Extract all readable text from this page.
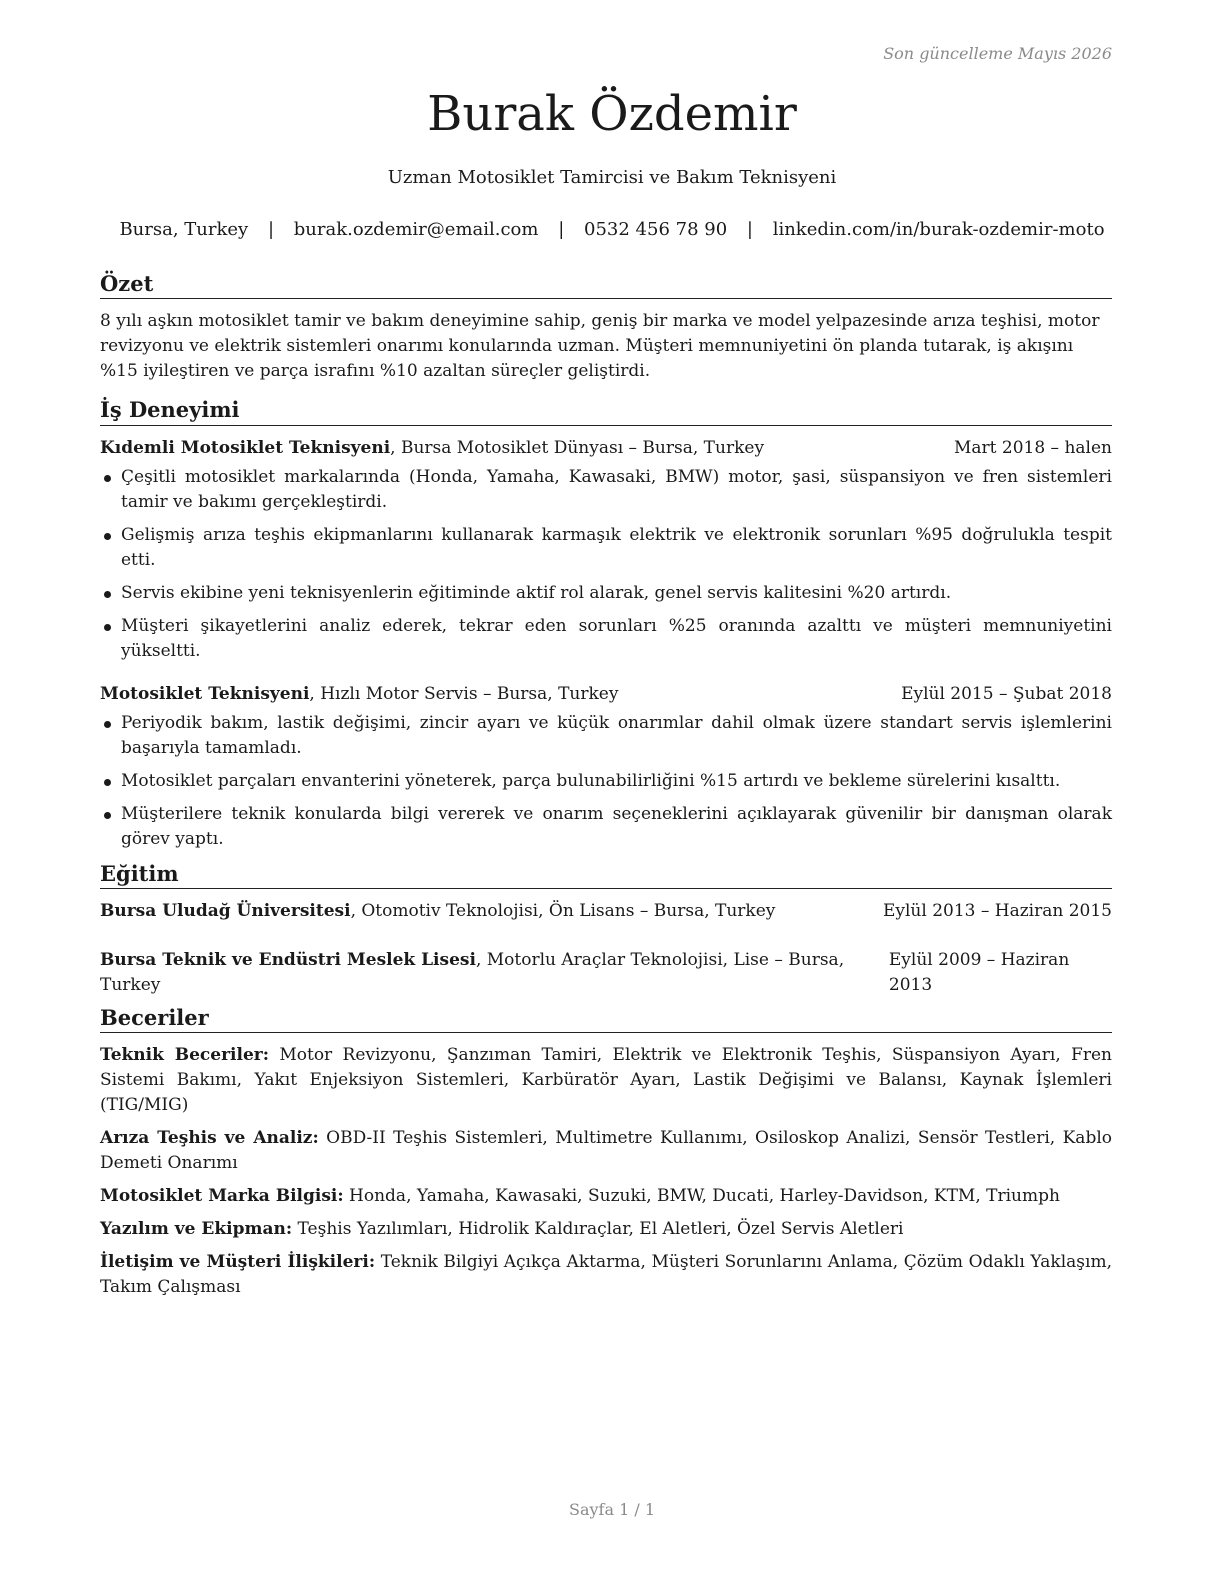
Son güncelleme Mayıs 2026
Burak Özdemir
Uzman Motosiklet Tamircisi ve Bakım Teknisyeni
Bursa, Turkey | burak.ozdemir@email.com | 0532 456 78 90 | linkedin.com/in/burak-ozdemir-moto
Özet

8 yılı aşkın motosiklet tamir ve bakım deneyimine sahip, geniş bir marka ve model yelpazesinde arıza teşhisi, motor revizyonu ve elektrik sistemleri onarımı konularında uzman. Müşteri memnuniyetini ön planda tutarak, iş akışını %15 iyileştiren ve parça israfını %10 azaltan süreçler geliştirdi.

İş Deneyimi
Kıdemli Motosiklet Teknisyeni, Bursa Motosiklet Dünyası – Bursa, Turkey	Mart 2018 – halen
Çeşitli motosiklet markalarında (Honda, Yamaha, Kawasaki, BMW) motor, şasi, süspansiyon ve fren sistemleri tamir ve bakımı gerçekleştirdi.
Gelişmiş arıza teşhis ekipmanlarını kullanarak karmaşık elektrik ve elektronik sorunları %95 doğrulukla tespit etti.
Servis ekibine yeni teknisyenlerin eğitiminde aktif rol alarak, genel servis kalitesini %20 artırdı.
Müşteri şikayetlerini analiz ederek, tekrar eden sorunları %25 oranında azalttı ve müşteri memnuniyetini yükseltti.
Motosiklet Teknisyeni, Hızlı Motor Servis – Bursa, Turkey	Eylül 2015 – Şubat 2018
Periyodik bakım, lastik değişimi, zincir ayarı ve küçük onarımlar dahil olmak üzere standart servis işlemlerini başarıyla tamamladı.
Motosiklet parçaları envanterini yöneterek, parça bulunabilirliğini %15 artırdı ve bekleme sürelerini kısalttı.
Müşterilere teknik konularda bilgi vererek ve onarım seçeneklerini açıklayarak güvenilir bir danışman olarak görev yaptı.
Eğitim
Bursa Uludağ Üniversitesi, Otomotiv Teknolojisi, Ön Lisans – Bursa, Turkey	Eylül 2013 – Haziran 2015
Bursa Teknik ve Endüstri Meslek Lisesi, Motorlu Araçlar Teknolojisi, Lise – Bursa, Turkey
Eylül 2009 – Haziran 2013
Beceriler
Teknik Beceriler: Motor Revizyonu, Şanzıman Tamiri, Elektrik ve Elektronik Teşhis, Süspansiyon Ayarı, Fren Sistemi Bakımı, Yakıt Enjeksiyon Sistemleri, Karbüratör Ayarı, Lastik Değişimi ve Balansı, Kaynak İşlemleri (TIG/MIG)
Arıza Teşhis ve Analiz: OBD-II Teşhis Sistemleri, Multimetre Kullanımı, Osiloskop Analizi, Sensör Testleri, Kablo Demeti Onarımı
Motosiklet Marka Bilgisi: Honda, Yamaha, Kawasaki, Suzuki, BMW, Ducati, Harley-Davidson, KTM, Triumph
Yazılım ve Ekipman: Teşhis Yazılımları, Hidrolik Kaldıraçlar, El Aletleri, Özel Servis Aletleri
İletişim ve Müşteri İlişkileri: Teknik Bilgiyi Açıkça Aktarma, Müşteri Sorunlarını Anlama, Çözüm Odaklı Yaklaşım, Takım Çalışması
Sayfa 1 / 1
